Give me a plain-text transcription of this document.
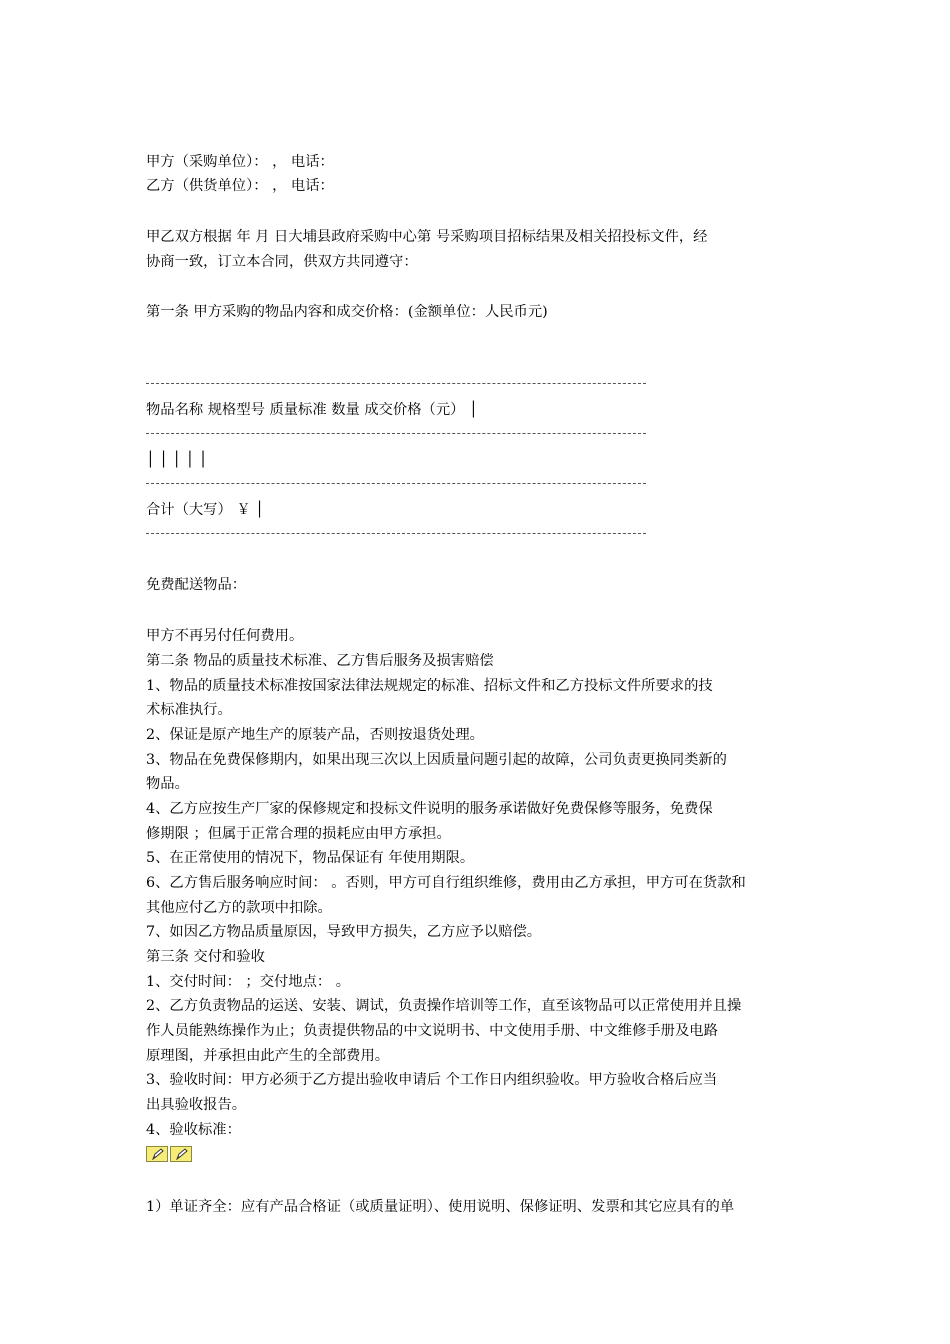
甲方（采购单位）： ， 电话：
乙方（供货单位）： ， 电话：
甲乙双方根据 年 月 日大埔县政府采购中心第 号采购项目招标结果及相关招投标文件，经
协商一致，订立本合同，供双方共同遵守：
第一条 甲方采购的物品内容和成交价格：(金额单位：人民币元)
物品名称 规格型号 质量标准 数量 成交价格（元） │
│ │ │ │ │
合计（大写） ￥ │
免费配送物品：
甲方不再另付任何费用。
第二条 物品的质量技术标准、乙方售后服务及损害赔偿
1、物品的质量技术标准按国家法律法规规定的标准、招标文件和乙方投标文件所要求的技
术标准执行。
2、保证是原产地生产的原装产品，否则按退货处理。
3、物品在免费保修期内，如果出现三次以上因质量问题引起的故障，公司负责更换同类新的
物品。
4、乙方应按生产厂家的保修规定和投标文件说明的服务承诺做好免费保修等服务，免费保
修期限 ；但属于正常合理的损耗应由甲方承担。
5、在正常使用的情况下，物品保证有 年使用期限。
6、乙方售后服务响应时间： 。否则，甲方可自行组织维修，费用由乙方承担，甲方可在货款和
其他应付乙方的款项中扣除。
7、如因乙方物品质量原因，导致甲方损失，乙方应予以赔偿。
第三条 交付和验收
1、交付时间： ；交付地点： 。
2、乙方负责物品的运送、安装、调试，负责操作培训等工作，直至该物品可以正常使用并且操
作人员能熟练操作为止；负责提供物品的中文说明书、中文使用手册、中文维修手册及电路
原理图，并承担由此产生的全部费用。
3、验收时间：甲方必须于乙方提出验收申请后 个工作日内组织验收。甲方验收合格后应当
出具验收报告。
4、验收标准：
1）单证齐全：应有产品合格证（或质量证明）、使用说明、保修证明、发票和其它应具有的单
